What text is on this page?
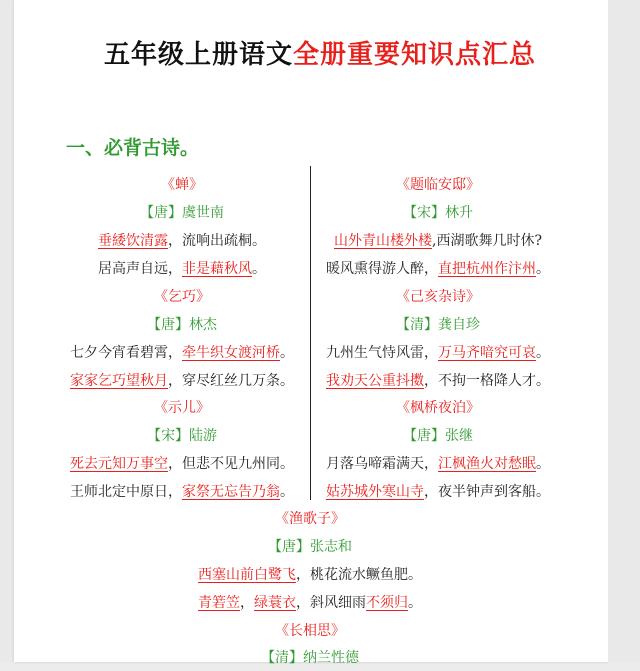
五年级上册语文全册重要知识点汇总
一、必背古诗。
《蝉》
【唐】虞世南
垂緌饮清露，流响出疏桐。
居高声自远，非是藉秋风。
《乞巧》
【唐】林杰
七夕今宵看碧霄，牵牛织女渡河桥。
家家乞巧望秋月，穿尽红丝几万条。
《示儿》
【宋】陆游
死去元知万事空，但悲不见九州同。
王师北定中原日，家祭无忘告乃翁。
《题临安邸》
【宋】林升
山外青山楼外楼,西湖歌舞几时休?
暖风熏得游人醉，直把杭州作汴州。
《己亥杂诗》
【清】龚自珍
九州生气恃风雷，万马齐喑究可哀。
我劝天公重抖擞，不拘一格降人才。
《枫桥夜泊》
【唐】张继
月落乌啼霜满天，江枫渔火对愁眠。
姑苏城外寒山寺，夜半钟声到客船。
《渔歌子》
【唐】张志和
西塞山前白鹭飞，桃花流水鳜鱼肥。
青箬笠，绿蓑衣，斜风细雨不须归。
《长相思》
【清】纳兰性德
